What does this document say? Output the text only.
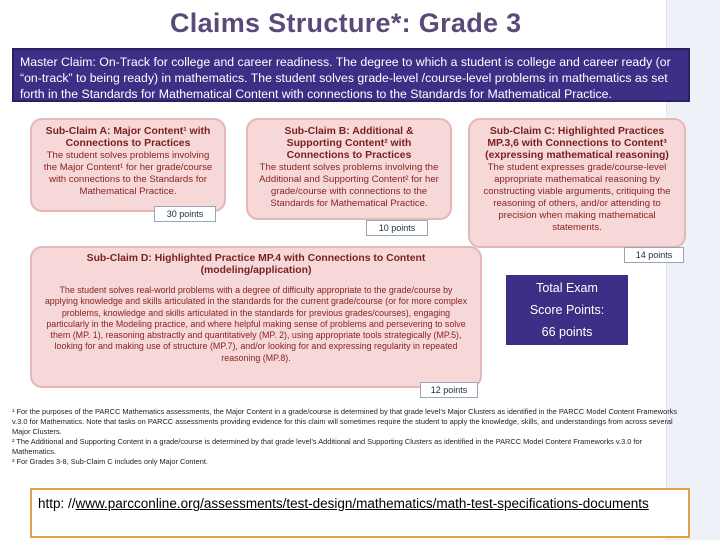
Claims Structure*: Grade 3
Master Claim: On-Track for college and career readiness. The degree to which a student is college and career ready (or “on-track” to being ready) in mathematics. The student solves grade-level /course-level problems in mathematics as set forth in the Standards for Mathematical Content with connections to the Standards for Mathematical Practice.
Sub-Claim A: Major Content¹ with Connections to Practices
The student solves problems involving the Major Content¹ for her grade/course with connections to the Standards for Mathematical Practice.
30 points
Sub-Claim B: Additional & Supporting Content² with Connections to Practices
The student solves problems involving the Additional and Supporting Content² for her grade/course with connections to the Standards for Mathematical Practice.
10 points
Sub-Claim C: Highlighted Practices MP.3,6 with Connections to Content³ (expressing mathematical reasoning)
The student expresses grade/course-level appropriate mathematical reasoning by constructing viable arguments, critiquing the reasoning of others, and/or attending to precision when making mathematical statements.
14 points
Sub-Claim D: Highlighted Practice MP.4 with Connections to Content (modeling/application)
The student solves real-world problems with a degree of difficulty appropriate to the grade/course by applying knowledge and skills articulated in the standards for the current grade/course (or for more complex problems, knowledge and skills articulated in the standards for previous grades/courses), engaging particularly in the Modeling practice, and where helpful making sense of problems and persevering to solve them (MP. 1), reasoning abstractly and quantitatively (MP. 2), using appropriate tools strategically (MP.5), looking for and making use of structure (MP.7), and/or looking for and expressing regularity in repeated reasoning (MP.8).
12 points
Total Exam
Score Points:
66 points
¹ For the purposes of the PARCC Mathematics assessments, the Major Content in a grade/course is determined by that grade level’s Major Clusters as identified in the PARCC Model Content Frameworks v.3.0 for Mathematics. Note that tasks on PARCC assessments providing evidence for this claim will sometimes require the student to apply the knowledge, skills, and understandings from across several Major Clusters.
² The Additional and Supporting Content in a grade/course is determined by that grade level’s Additional and Supporting Clusters as identified in the PARCC Model Content Frameworks v.3.0 for Mathematics.
³ For Grades 3-8, Sub-Claim C includes only Major Content.
http: //www.parcconline.org/assessments/test-design/mathematics/math-test-specifications-documents
